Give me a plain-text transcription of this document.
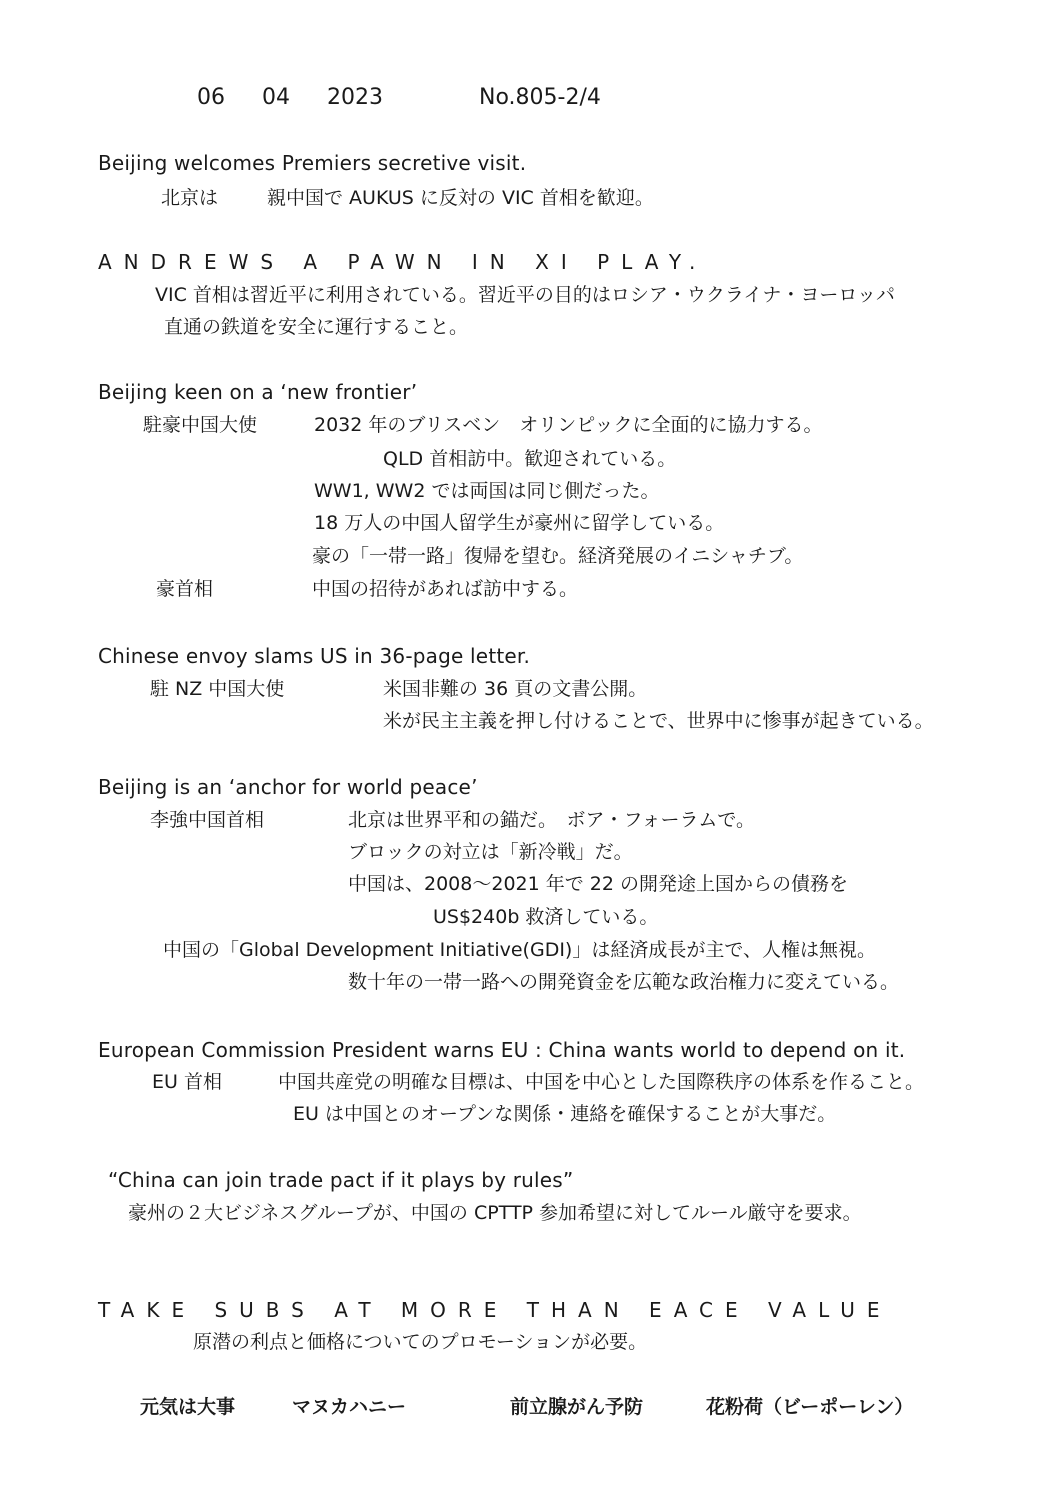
06 04 2023	No.805-2/4
Beijing welcomes Premiers secretive visit.
北京は	親中国で AUKUS に反対の VIC 首相を歓迎。
ANDREWS A PAWN IN XI PLAY.
VIC 首相は習近平に利用されている。習近平の目的はロシア・ウクライナ・ヨーロッパ
直通の鉄道を安全に運行すること。
Beijing keen on a ‘new frontier’
駐豪中国大使	2032 年のブリスベン　オリンピックに全面的に協力する。
QLD 首相訪中。歓迎されている。
WW1, WW2 では両国は同じ側だった。
18 万人の中国人留学生が豪州に留学している。
豪の「一帯一路」復帰を望む。経済発展のイニシャチブ。
豪首相	中国の招待があれば訪中する。
Chinese envoy slams US in 36-page letter.
駐 NZ 中国大使	米国非難の 36 頁の文書公開。
米が民主主義を押し付けることで、世界中に惨事が起きている。
Beijing is an ‘anchor for world peace’
李強中国首相	北京は世界平和の錨だ。　ボア・フォーラムで。
ブロックの対立は「新冷戦」だ。
中国は、2008〜2021 年で 22 の開発途上国からの債務を
US$240b 救済している。
中国の「Global Development Initiative(GDI)」は経済成長が主で、人権は無視。
数十年の一帯一路への開発資金を広範な政治権力に変えている。
European Commission President warns EU : China wants world to depend on it.
EU 首相	中国共産党の明確な目標は、中国を中心とした国際秩序の体系を作ること。
EU は中国とのオープンな関係・連絡を確保することが大事だ。
“China can join trade pact if it plays by rules”
豪州の２大ビジネスグループが、中国の CPTTP 参加希望に対してルール厳守を要求。
TAKE SUBS AT MORE THAN EACE VALUE
原潜の利点と価格についてのプロモーションが必要。
元気は大事	マヌカハニー	前立腺がん予防	花粉荷（ビーポーレン）
